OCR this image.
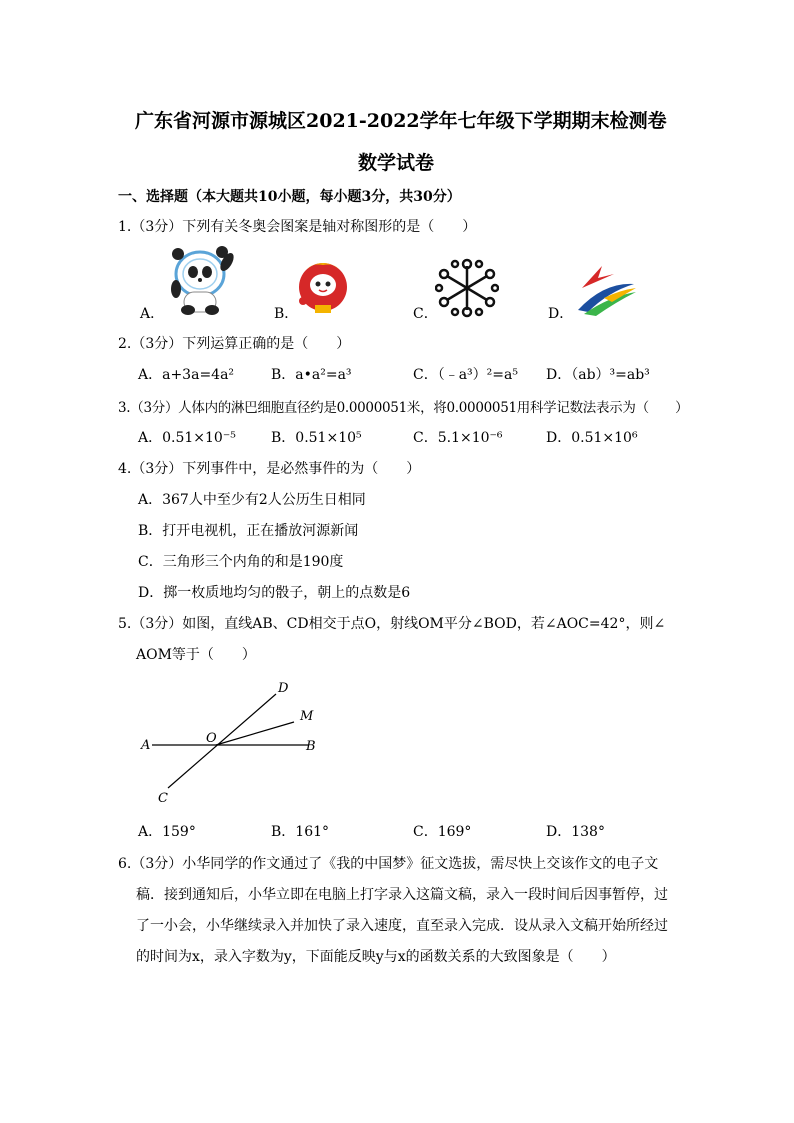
广东省河源市源城区2021-2022学年七年级下学期期末检测卷
数学试卷
一、选择题（本大题共10小题，每小题3分，共30分）
1.（3分）下列有关冬奥会图案是轴对称图形的是（　　）
A．	B．	C．	D．
2.（3分）下列运算正确的是（　　）
A．a+3a=4a²	B．a•a²=a³	C．（﹣a³）²=a⁵ D．（ab）³=ab³
3.（3分）人体内的淋巴细胞直径约是0.0000051米，将0.0000051用科学记数法表示为（　　）
A．0.51×10⁻⁵	B．0.51×10⁵	C．5.1×10⁻⁶	D．0.51×10⁶
4.（3分）下列事件中，是必然事件的为（　　）
A．367人中至少有2人公历生日相同
B．打开电视机，正在播放河源新闻
C．三角形三个内角的和是190度
D．掷一枚质地均匀的骰子，朝上的点数是6
5.（3分）如图，直线AB、CD相交于点O，射线OM平分∠BOD，若∠AOC=42°，则∠
AOM等于（　　）
D
M
A	O
B
C
A．159°	B．161°	C．169°	D．138°
6.（3分）小华同学的作文通过了《我的中国梦》征文选拔，需尽快上交该作文的电子文
稿．接到通知后，小华立即在电脑上打字录入这篇文稿，录入一段时间后因事暂停，过
了一小会，小华继续录入并加快了录入速度，直至录入完成．设从录入文稿开始所经过
的时间为x，录入字数为y，下面能反映y与x的函数关系的大致图象是（　　）
